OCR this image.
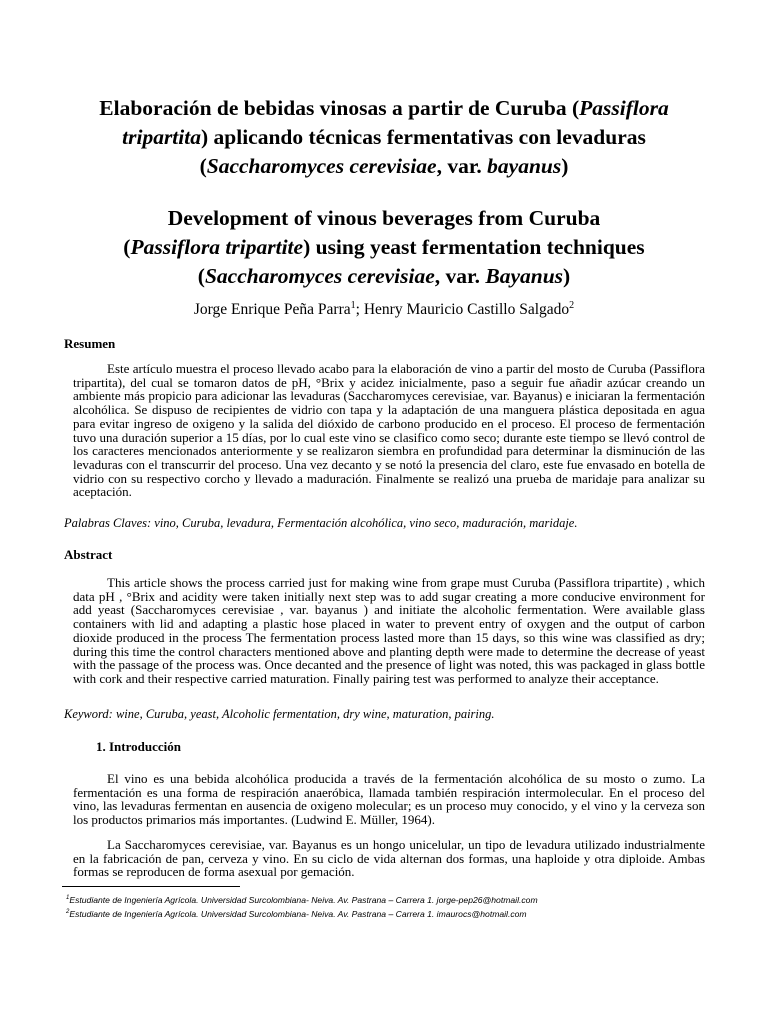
Elaboración de bebidas vinosas a partir de Curuba (Passiflora
tripartita) aplicando técnicas fermentativas con levaduras
(Saccharomyces cerevisiae, var. bayanus)
Development of vinous beverages from Curuba
(Passiflora tripartite) using yeast fermentation techniques
(Saccharomyces cerevisiae, var. Bayanus)
Jorge Enrique Peña Parra$^1$; Henry Mauricio Castillo Salgado$^2$
Resumen

Este artículo muestra el proceso llevado acabo para la elaboración de vino a partir del mosto de Curuba (Passiflora tripartita), del cual se tomaron datos de pH, °Brix y acidez inicialmente, paso a seguir fue añadir azúcar creando un ambiente más propicio para adicionar las levaduras (Saccharomyces cerevisiae, var. Bayanus) e iniciaran la fermentación alcohólica. Se dispuso de recipientes de vidrio con tapa y la adaptación de una manguera plástica depositada en agua para evitar ingreso de oxigeno y la salida del dióxido de carbono producido en el proceso. El proceso de fermentación tuvo una duración superior a 15 días, por lo cual este vino se clasifico como seco; durante este tiempo se llevó control de los caracteres mencionados anteriormente y se realizaron siembra en profundidad para determinar la disminución de las levaduras con el transcurrir del proceso. Una vez decanto y se notó la presencia del claro, este fue envasado en botella de vidrio con su respectivo corcho y llevado a maduración. Finalmente se realizó una prueba de maridaje para analizar su aceptación.

Palabras Claves: vino, Curuba, levadura, Fermentación alcohólica, vino seco, maduración, maridaje.
Abstract

This article shows the process carried just for making wine from grape must Curuba (Passiflora tripartite) , which data pH , °Brix and acidity were taken initially next step was to add sugar creating a more conducive environment for add yeast (Saccharomyces cerevisiae , var. bayanus ) and initiate the alcoholic fermentation. Were available glass containers with lid and adapting a plastic hose placed in water to prevent entry of oxygen and the output of carbon dioxide produced in the process The fermentation process lasted more than 15 days, so this wine was classified as dry; during this time the control characters mentioned above and planting depth were made to determine the decrease of yeast with the passage of the process was. Once decanted and the presence of light was noted, this was packaged in glass bottle with cork and their respective carried maturation. Finally pairing test was performed to analyze their acceptance.

Keyword: wine, Curuba, yeast, Alcoholic fermentation, dry wine, maturation, pairing.
1. Introducción

El vino es una bebida alcohólica producida a través de la fermentación alcohólica de su mosto o zumo. La fermentación es una forma de respiración anaeróbica, llamada también respiración intermolecular. En el proceso del vino, las levaduras fermentan en ausencia de oxigeno molecular; es un proceso muy conocido, y el vino y la cerveza son los productos primarios más importantes. (Ludwind E. Müller, 1964).

La Saccharomyces cerevisiae, var. Bayanus es un hongo unicelular, un tipo de levadura utilizado industrialmente en la fabricación de pan, cerveza y vino. En su ciclo de vida alternan dos formas, una haploide y otra diploide. Ambas formas se reproducen de forma asexual por gemación.

$^1$Estudiante de Ingeniería Agrícola. Universidad Surcolombiana- Neiva. Av. Pastrana – Carrera 1. jorge-pep26@hotmail.com
$^2$Estudiante de Ingeniería Agrícola. Universidad Surcolombiana- Neiva. Av. Pastrana – Carrera 1. imaurocs@hotmail.com
